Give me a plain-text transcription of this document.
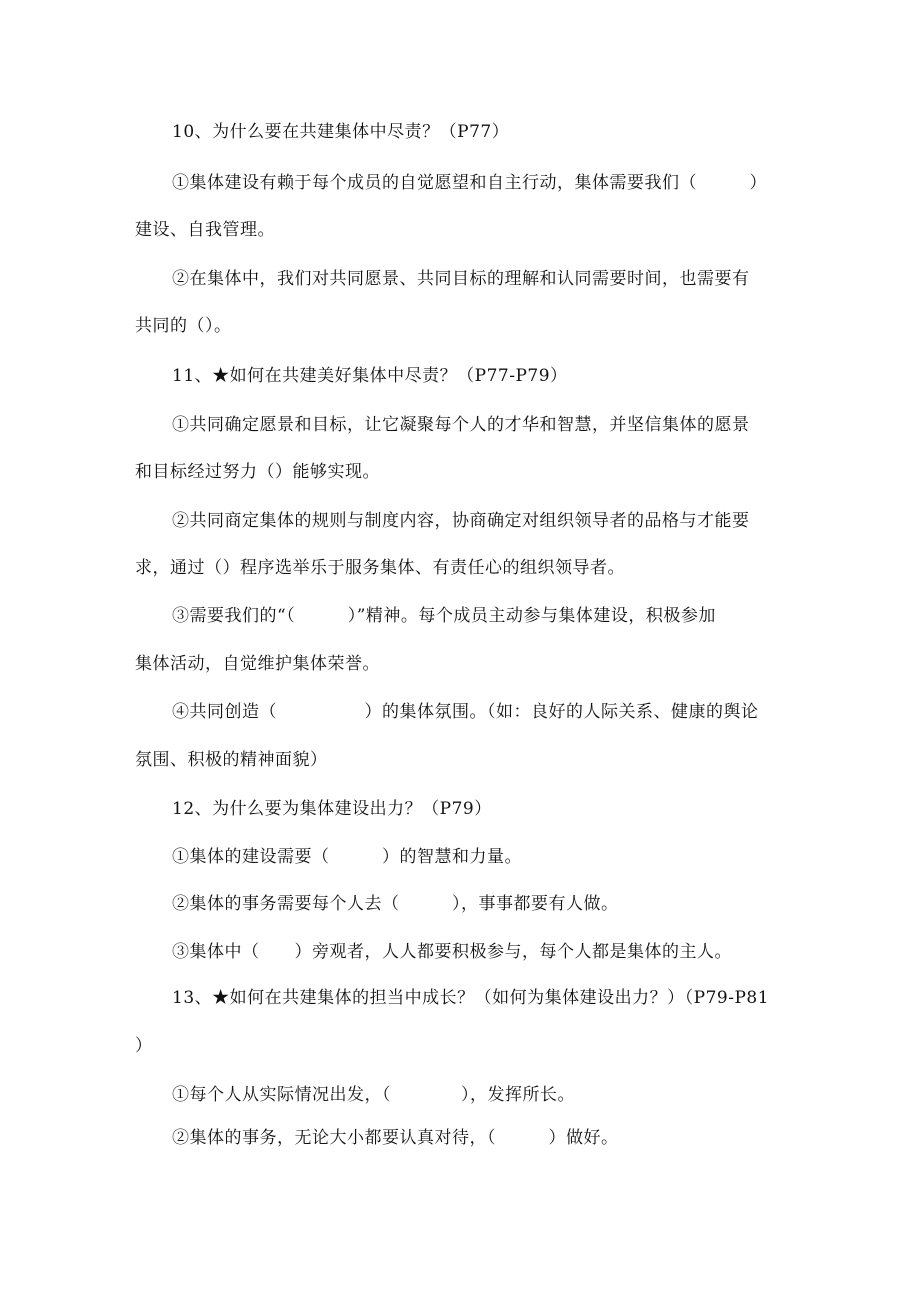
10、为什么要在共建集体中尽责？（P77）
①集体建设有赖于每个成员的自觉愿望和自主行动，集体需要我们（　　　）
建设、自我管理。
②在集体中，我们对共同愿景、共同目标的理解和认同需要时间，也需要有
共同的（）。
11、★如何在共建美好集体中尽责？（P77-P79）
①共同确定愿景和目标，让它凝聚每个人的才华和智慧，并坚信集体的愿景
和目标经过努力（）能够实现。
②共同商定集体的规则与制度内容，协商确定对组织领导者的品格与才能要
求，通过（）程序选举乐于服务集体、有责任心的组织领导者。
③需要我们的“（　　　）”精神。每个成员主动参与集体建设，积极参加
集体活动，自觉维护集体荣誉。
④共同创造（　　　　　）的集体氛围。（如：良好的人际关系、健康的舆论
氛围、积极的精神面貌）
12、为什么要为集体建设出力？（P79）
①集体的建设需要（　　　）的智慧和力量。
②集体的事务需要每个人去（　　　），事事都要有人做。
③集体中（　　）旁观者，人人都要积极参与，每个人都是集体的主人。
13、★如何在共建集体的担当中成长？（如何为集体建设出力？）（P79-P81
）
①每个人从实际情况出发，（　　　　），发挥所长。
②集体的事务，无论大小都要认真对待，（　　　）做好。
